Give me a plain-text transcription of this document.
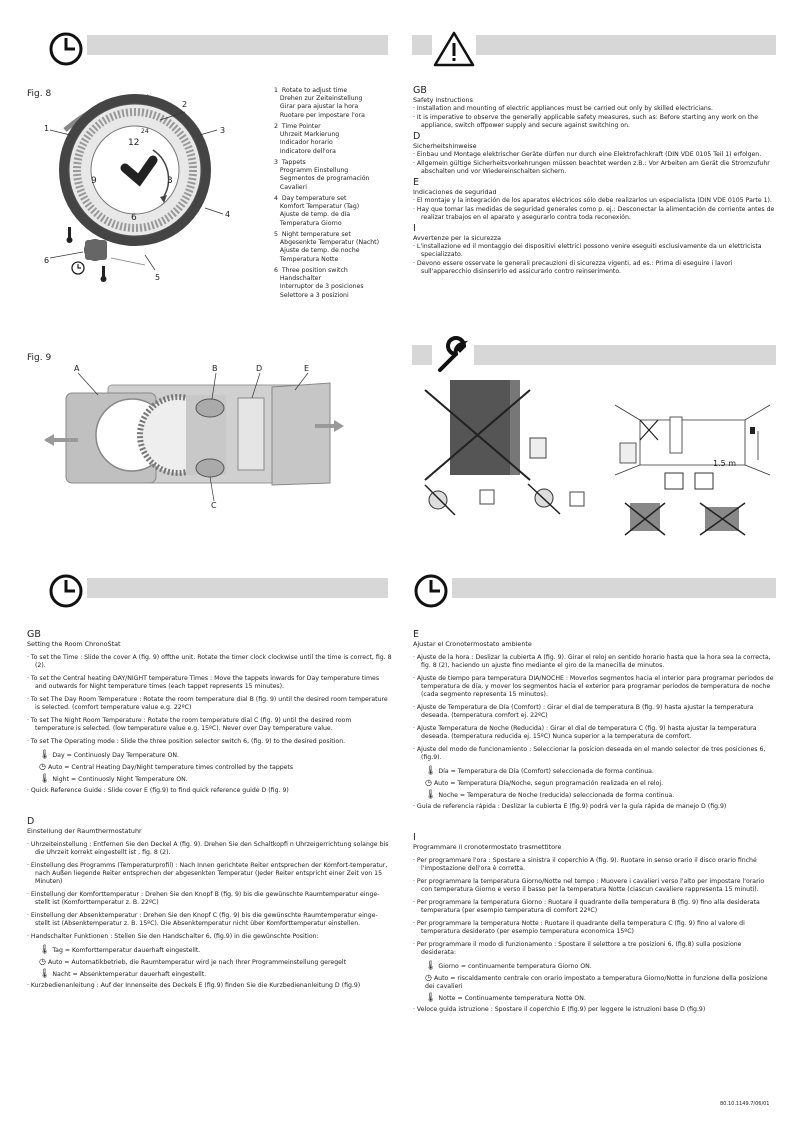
Fig. 8
12
6
3
9
24
1
2
3
4
5
6

1 Rotate to adjust time
Drehen zur Zeiteinstellung
Girar para ajustar la hora
Ruotare per impostare l'ora

2 Time Pointer
Uhrzeit Markierung
Indicador horario
Indicatore dell'ora

3 Tappets
Programm Einstellung
Segmentos de programación
Cavalieri

4 Day temperature set
Komfort Temperatur (Tag)
Ajuste de temp. de día
Temperatura Giorno

5 Night temperature set
Abgesenkte Temperatur (Nacht)
Ajuste de temp. de noche
Temperatura Notte

6 Three position switch
Handschalter
Interruptor de 3 posiciones
Selettore a 3 posizioni

GB
Safety instructions
· Installation and mounting of electric appliances must be carried out only by skilled electricians.
· It is imperative to observe the generally applicable safety measures, such as: Before starting any work on the appliance, switch offpower supply and secure against switching on.
D
Sicherheitshinweise
· Einbau und Montage elektrischer Geräte dürfen nur durch eine Elektrofachkraft (DIN VDE 0105 Teil 1) erfolgen.
· Allgemein gültige Sicherheitsvorkehrungen müssen beachtet werden z.B.: Vor Arbeiten am Gerät die Stromzufuhr abschalten und vor Wiedereinschalten sichern.
E
Indicaciones de seguridad
· El montaje y la integración de los aparatos eléctricos sólo debe realizarlos un especialista (DIN VDE 0105 Parte 1).
· Hay que tomar las medidas de seguridad generales como p. ej.: Desconectar la alimentación de corriente antes de realizar trabajos en el aparato y asegurarlo contra toda reconexión.
I
Avvertenze per la sicurezza
· L'installazione ed il montaggio dei dispositivi elettrici possono venire eseguiti esclusivamente da un elettricista specializzato.
· Devono essere osservate le generali precauzioni di sicurezza vigenti, ad es.: Prima di eseguire i lavori sull'apparecchio disinserirlo ed assicurarlo contro reinserimento.
Fig. 9
A	B	D	E
C
1.5 m
GB
Setting the Room ChronoStat
· To set the Time : Slide the cover A (fig. 9) offthe unit. Rotate the timer clock clockwise until the time is correct, fig. 8 (2).
· To set the Central heating DAY/NIGHT temperature Times : Move the tappets inwards for Day temperature times and outwards for Night temperature times (each tappet represents 15 minutes).
· To set The Day Room Temperature : Rotate the room temperature dial B (fig. 9) until the desired room temperature is selected. (comfort temperature value e.g. 22ºC)
· To set The Night Room Temperature : Rotate the room temperature dial C (fig. 9) until the desired room temperature is selected. (low temperature value e.g. 15ºC). Never over Day temperature value.
· To set The Operating mode : Slide the three position selector switch 6, (fig. 9) to the desired position.
🌡 Day = Continuosly Day Temperature ON.
◷ Auto = Central Heating Day/Night temperature times controlled by the tappets
🌡 Night = Continuosly Night Temperature ON.
· Quick Reference Guide : Slide cover E (fig.9) to find quick reference guide D (fig. 9)
D
Einstellung der Raumthermostatuhr
· Uhrzeiteinstellung : Entfernen Sie den Deckel A (fig. 9). Drehen Sie den Schaltkopfi n Uhrzeigerrichtung solange bis die Uhrzeit korrekt eingestellt ist , fig. 8 (2).
· Einstellung des Programms (Temperaturprofil) : Nach Innen gerichtete Reiter entsprechen der Komfort-temperatur, nach Außen liegende Reiter entsprechen der abgesenkten Temperatur (Jeder Reiter entspricht einer Zeit von 15 Minuten)
· Einstellung der Komforttemperatur : Drehen Sie den Knopf B (fig. 9) bis die gewünschte Raumtemperatur einge-stellt ist (Komforttemperatur z. B. 22ºC)
· Einstellung der Absenktemperatur : Drehen Sie den Knopf C (fig. 9) bis die gewünschte Raumtemperatur einge-stellt ist (Absenktemperatur z. B. 15ºC). Die Absenktemperatur nicht über Komforttemperatur einstellen.
· Handschalter Funktionen : Stellen Sie den Handschalter 6, (fig.9) in die gewünschte Position:
🌡 Tag = Komforttemperatur dauerhaft eingestellt.
◷ Auto = Automatikbetrieb, die Raumtemperatur wird je nach Ihrer Programmeinstellung geregelt
🌡 Nacht = Absenktemperatur dauerhaft eingestellt.
· Kurzbedienanleitung : Auf der Innenseite des Deckels E (fig.9) finden Sie die Kurzbedienanleitung D (fig.9)
E
Ajustar el Cronotermostato ambiente
· Ajuste de la hora : Deslizar la cubierta A (fig. 9). Girar el reloj en sentido horario hasta que la hora sea la correcta, fig. 8 (2), haciendo un ajuste fino mediante el giro de la manecilla de minutos.
· Ajuste de tiempo para temperatura DIA/NOCHE : Moverlos segmentos hacia el interior para programar periodos de temperatura de día, y mover los segmentos hacia el exterior para programar periodos de temperatura de noche (cada segmento representa 15 minutos).
· Ajuste de Temperatura de Día (Comfort) : Girar el dial de temperatura B (fig. 9) hasta ajustar la temperatura deseada. (temperatura comfort ej. 22ºC)
· Ajuste Temperatura de Noche (Reducida) : Girar el dial de temperatura C (fig. 9) hasta ajustar la temperatura deseada. (temperatura reducida ej. 15ºC) Nunca superior a la temperatura de comfort.
· Ajuste del modo de funcionamiento : Seleccionar la posicion deseada en el mando selector de tres posiciones 6, (fig.9).
🌡 Día = Temperatura de Día (Comfort) seleccionada de forma continua.
◷ Auto = Temperatura Día/Noche, segun programación realizada en el reloj.
🌡 Noche = Temperatura de Noche (reducida) seleccionada de forma continua.
· Guía de referencia rápida : Deslizar la cubierta E (fig.9) podrá ver la guía rápida de manejo D (fig.9)
I
Programmare il cronotermostato trasmettitore
· Per programmare l'ora : Spostare a sinistra il coperchio A (fig. 9). Ruotare in senso orario il disco orario finché l'impostazione dell'ora è corretta.
· Per programmare la temperatura Giorno/Notte nel tempo : Muovere i cavalieri verso l'alto per impostare l'orario con temperatura Giorno e verso il basso per la temperatura Notte (ciascun cavaliere rappresenta 15 minuti).
· Per programmare la temperatura Giorno : Ruotare il quadrante della temperatura B (fig. 9) fino alla desiderata temperatura (per esempio temperatura di comfort 22ºC)
· Per programmare la temperatura Notte : Ruotare il quadrante della temperatura C (fig. 9) fino al valore di temperatura desiderato (per esempio temperatura economica 15ºC)
· Per programmare il modo di funzionamento : Spostare il selettore a tre posizioni 6, (fig.8) sulla posizione desiderata:
🌡 Giorno = continuamente temperatura Giorno ON.
◷ Auto = riscaldamento centrale con orario impostato a temperatura Giorno/Notte in funzione della posizione dei cavalieri
🌡 Notte = Continuamente temperatura Notte ON.
· Veloce guida istruzione : Spostare il coperchio E (fig.9) per leggere le istruzioni base D (fig.9)
80.10.1149.7/06/01
